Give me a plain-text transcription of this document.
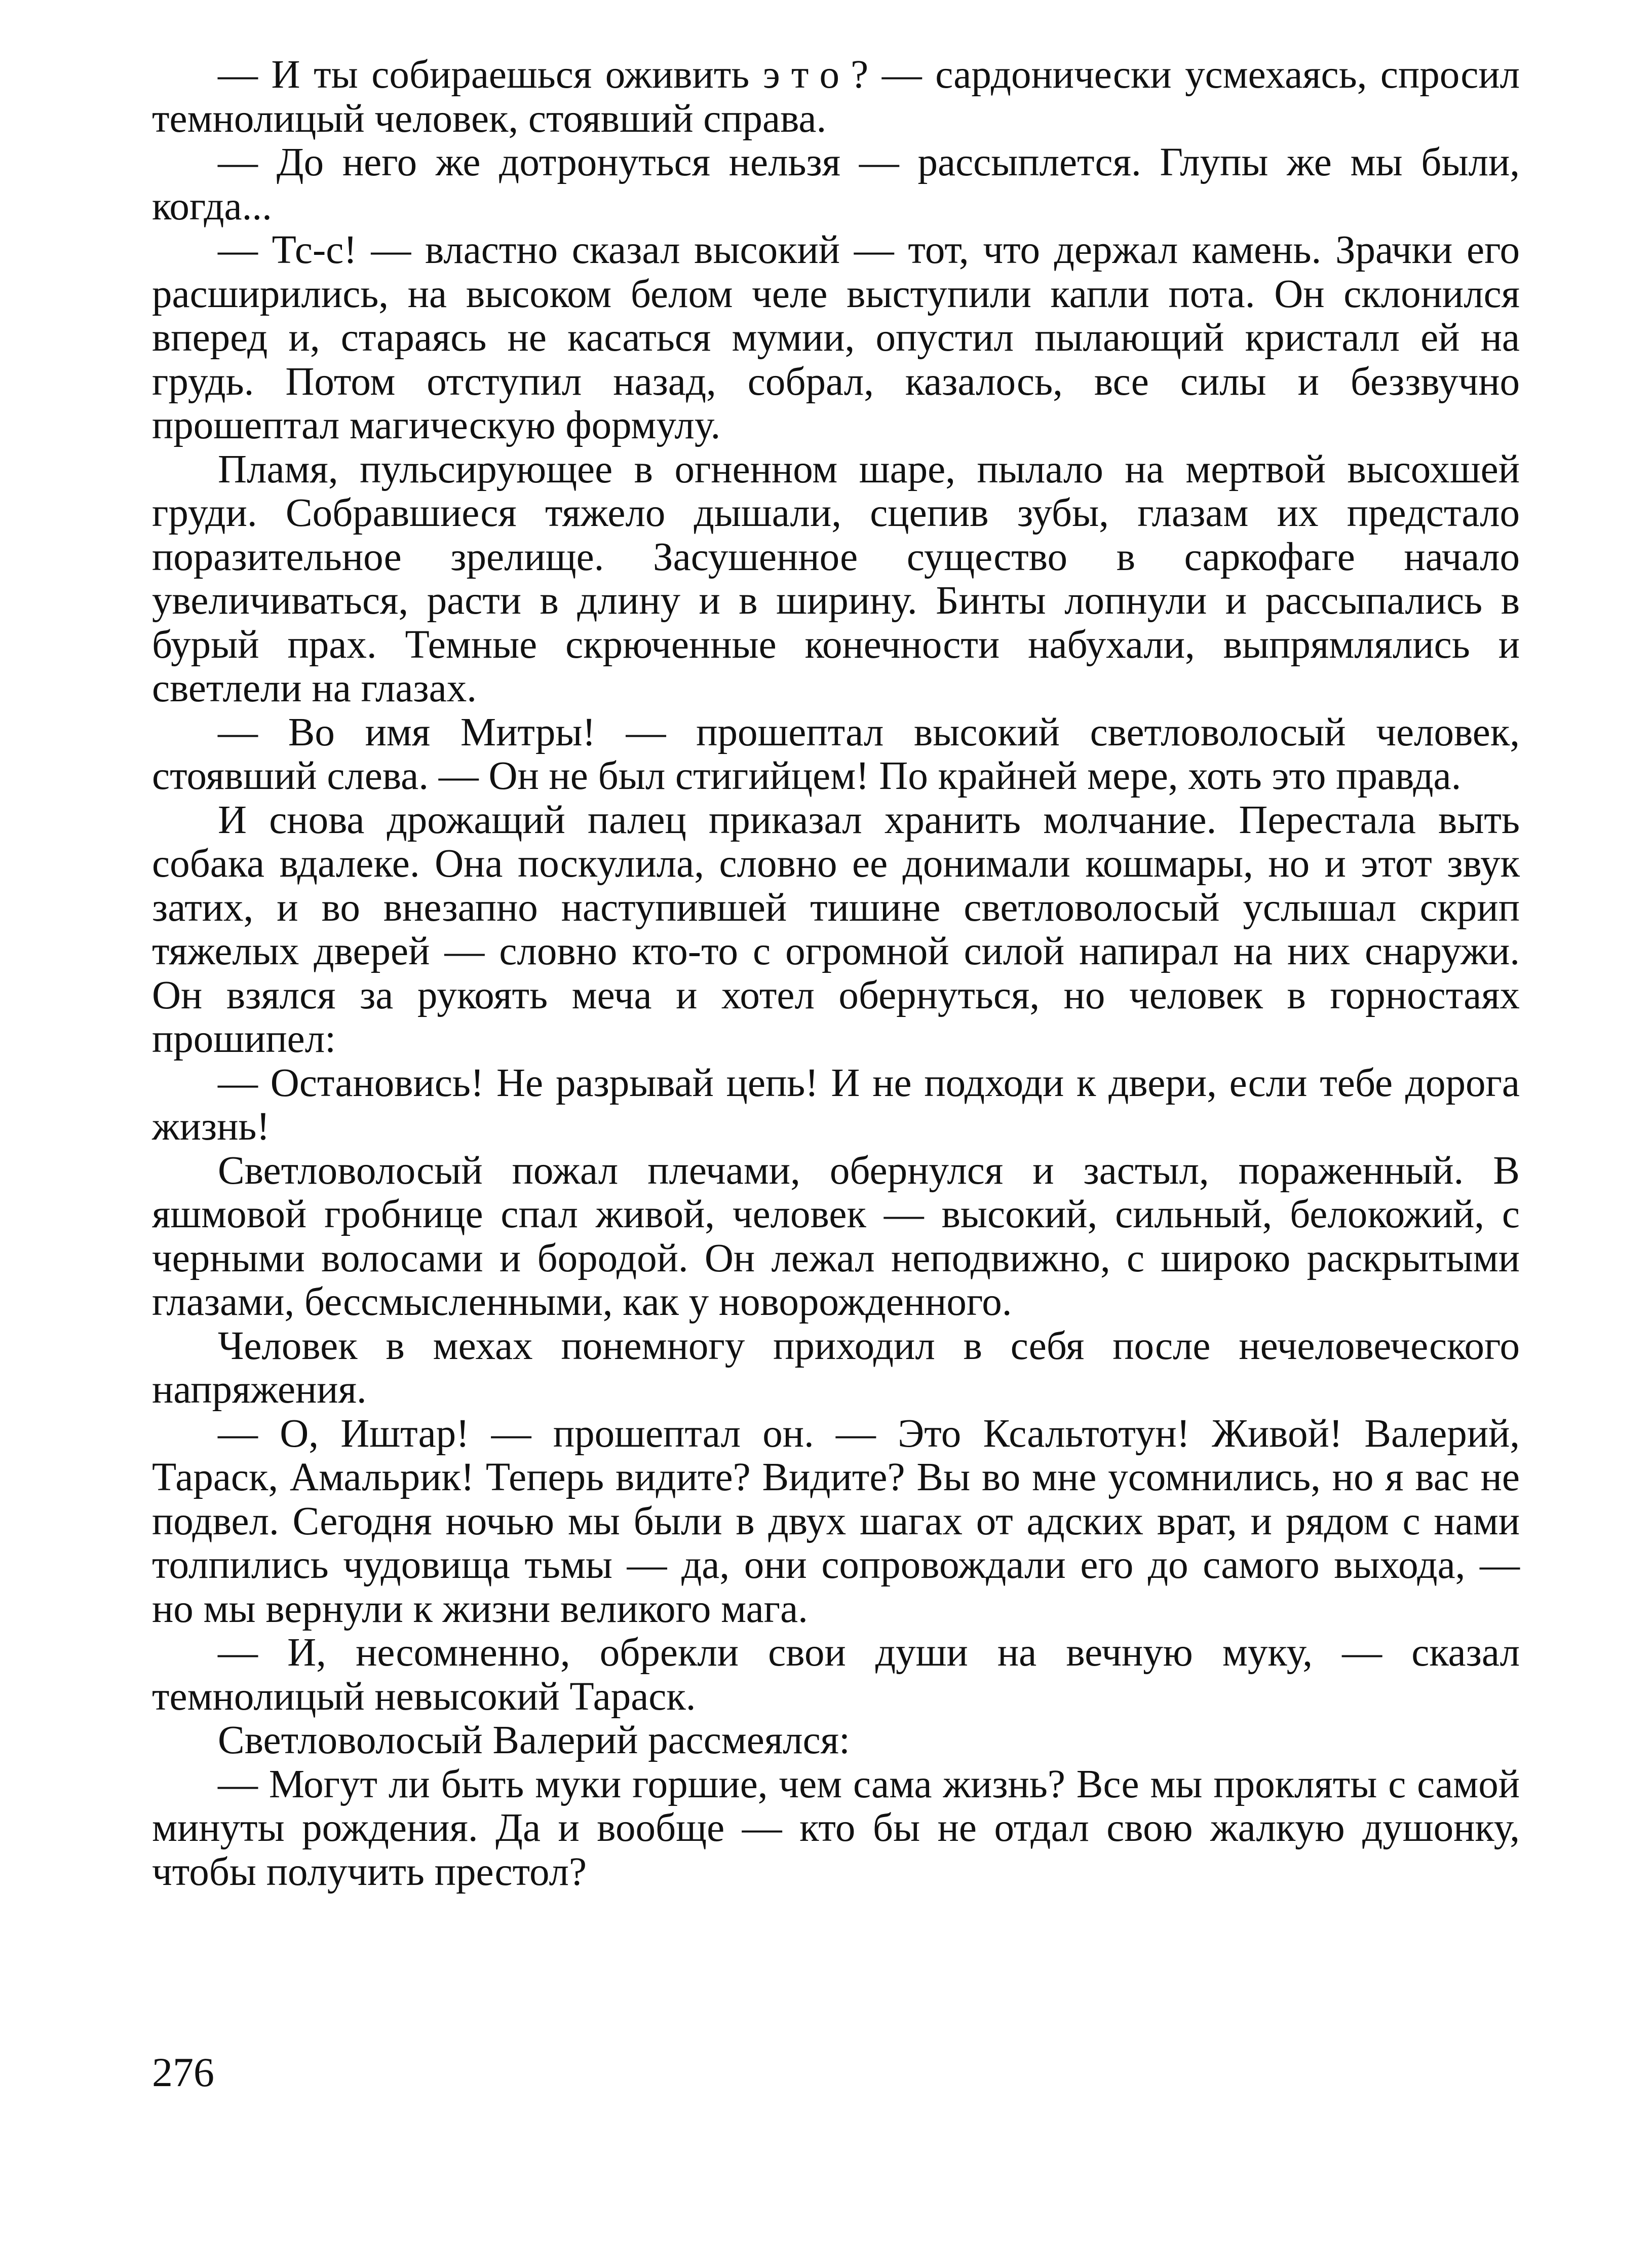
— И ты собираешься оживить это? — сардонически усмехаясь, спросил темнолицый человек, стоявший справа.

— До него же дотронуться нельзя — рассыплется. Глупы же мы были, когда...

— Тс-с! — властно сказал высокий — тот, что держал камень. Зрачки его расширились, на высоком белом челе выступили капли пота. Он склонился вперед и, стараясь не касаться мумии, опустил пылающий кристалл ей на грудь. Потом отступил назад, собрал, казалось, все силы и беззвучно прошептал магическую формулу.

Пламя, пульсирующее в огненном шаре, пылало на мертвой высохшей груди. Собравшиеся тяжело дышали, сцепив зубы, глазам их предстало поразительное зрелище. Засушенное существо в саркофаге начало увеличиваться, расти в длину и в ширину. Бинты лопнули и рассыпались в бурый прах. Темные скрюченные конечности набухали, выпрямлялись и светлели на глазах.

— Во имя Митры! — прошептал высокий светловолосый человек, стоявший слева. — Он не был стигийцем! По крайней мере, хоть это правда.

И снова дрожащий палец приказал хранить молчание. Перестала выть собака вдалеке. Она поскулила, словно ее донимали кошмары, но и этот звук затих, и во внезапно наступившей тишине светловолосый услышал скрип тяжелых дверей — словно кто-то с огромной силой напирал на них снаружи. Он взялся за рукоять меча и хотел обернуться, но человек в горностаях прошипел:

— Остановись! Не разрывай цепь! И не подходи к двери, если тебе дорога жизнь!

Светловолосый пожал плечами, обернулся и застыл, пораженный. В яшмовой гробнице спал живой, человек — высокий, сильный, белокожий, с черными волосами и бородой. Он лежал неподвижно, с широко раскрытыми глазами, бессмысленными, как у новорожденного.

Человек в мехах понемногу приходил в себя после нечеловеческого напряжения.

— О, Иштар! — прошептал он. — Это Ксальтотун! Живой! Валерий, Тараск, Амальрик! Теперь видите? Видите? Вы во мне усомнились, но я вас не подвел. Сегодня ночью мы были в двух шагах от адских врат, и рядом с нами толпились чудовища тьмы — да, они сопровождали его до самого выхода, — но мы вернули к жизни великого мага.

— И, несомненно, обрекли свои души на вечную муку, — сказал темнолицый невысокий Тараск.

Светловолосый Валерий рассмеялся:

— Могут ли быть муки горшие, чем сама жизнь? Все мы прокляты с самой минуты рождения. Да и вообще — кто бы не отдал свою жалкую душонку, чтобы получить престол?

276
